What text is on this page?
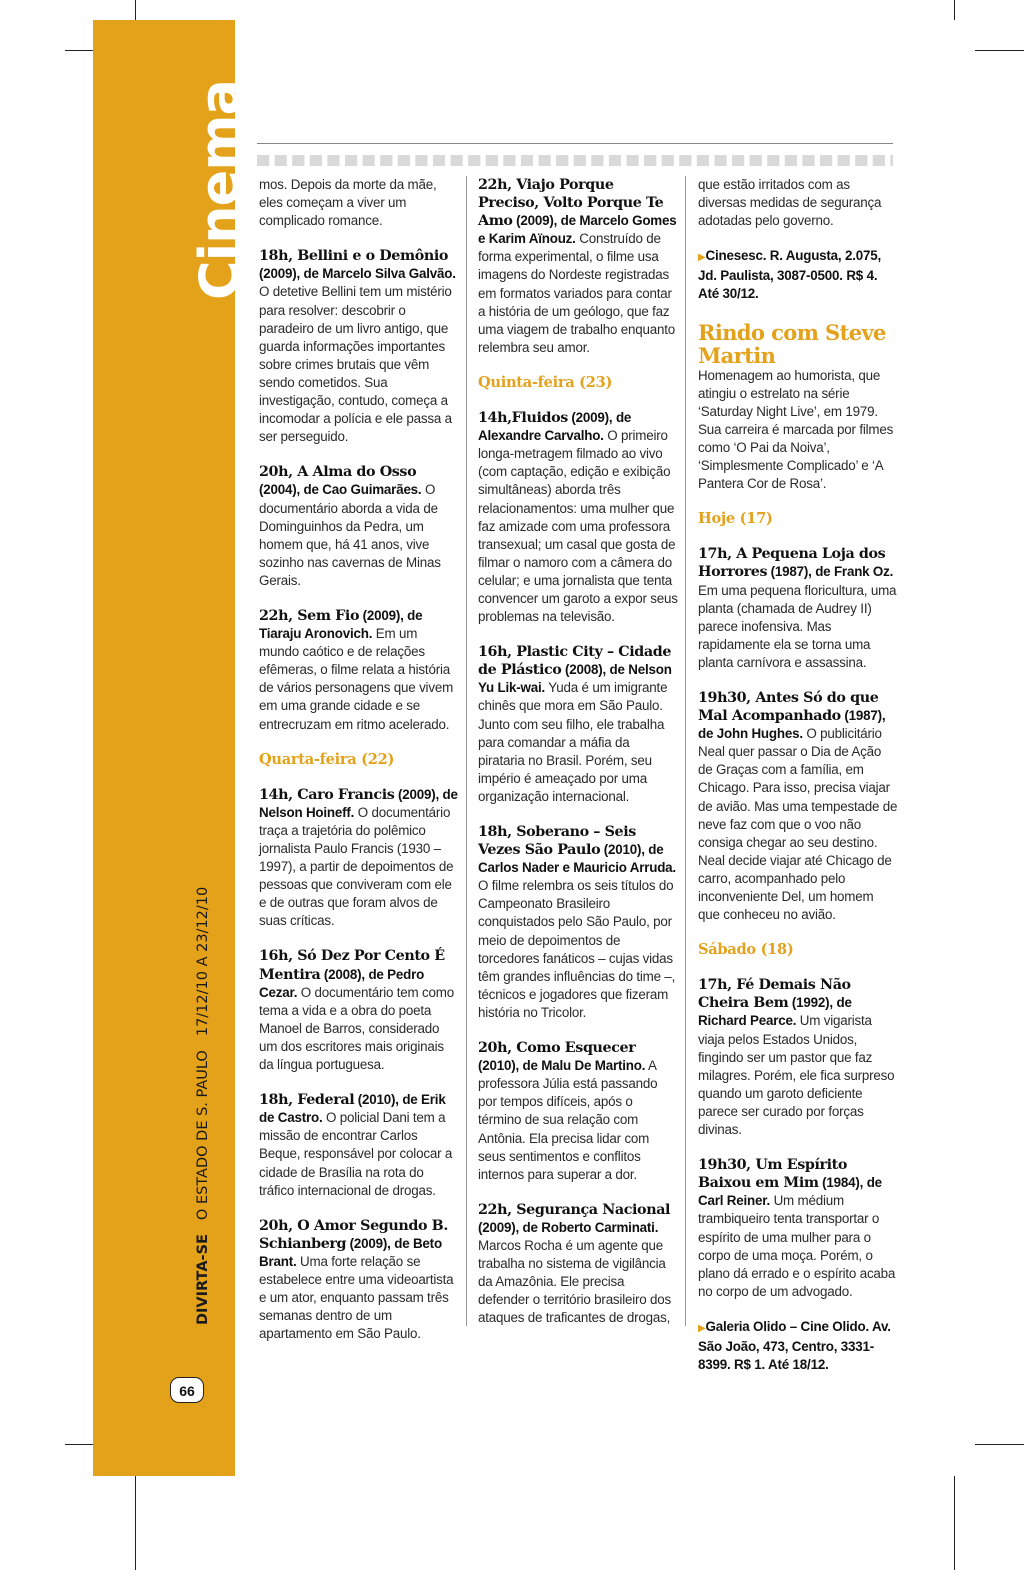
Cinema
DIVIRTA-SEO ESTADO DE S. PAULO17/12/10 A 23/12/10
66

mos. Depois da morte da mãe, eles começam a viver um complicado romance.

18h, Bellini e o Demônio (2009), de Marcelo Silva Galvão. O detetive Bellini tem um mistério para resolver: descobrir o paradeiro de um livro antigo, que guarda informações importantes sobre crimes brutais que vêm sendo cometidos. Sua investigação, contudo, começa a incomodar a polícia e ele passa a ser perseguido.

20h, A Alma do Osso (2004), de Cao Guimarães. O documentário aborda a vida de Dominguinhos da Pedra, um homem que, há 41 anos, vive sozinho nas cavernas de Minas Gerais.

22h, Sem Fio (2009), de Tiaraju Aronovich. Em um mundo caótico e de relações efêmeras, o filme relata a história de vários personagens que vivem em uma grande cidade e se entrecruzam em ritmo acelerado.

Quarta-feira (22)

14h, Caro Francis (2009), de Nelson Hoineff. O documentário traça a trajetória do polêmico jornalista Paulo Francis (1930 – 1997), a partir de depoimentos de pessoas que conviveram com ele e de outras que foram alvos de suas críticas.

16h, Só Dez Por Cento É Mentira (2008), de Pedro Cezar. O documentário tem como tema a vida e a obra do poeta Manoel de Barros, considerado um dos escritores mais originais da língua portuguesa.

18h, Federal (2010), de Erik de Castro. O policial Dani tem a missão de encontrar Carlos Beque, responsável por colocar a cidade de Brasília na rota do tráfico internacional de drogas.

20h, O Amor Segundo B. Schianberg (2009), de Beto Brant. Uma forte relação se estabelece entre uma videoartista e um ator, enquanto passam três semanas dentro de um apartamento em São Paulo.

22h, Viajo Porque Preciso, Volto Porque Te Amo (2009), de Marcelo Gomes e Karim Aïnouz. Construído de forma experimental, o filme usa imagens do Nordeste registradas em formatos variados para contar a história de um geólogo, que faz uma viagem de trabalho enquanto relembra seu amor.

Quinta-feira (23)

14h,Fluidos (2009), de Alexandre Carvalho. O primeiro longa-metragem filmado ao vivo (com captação, edição e exibição simultâneas) aborda três relacionamentos: uma mulher que faz amizade com uma professora transexual; um casal que gosta de filmar o namoro com a câmera do celular; e uma jornalista que tenta convencer um garoto a expor seus problemas na televisão.

16h, Plastic City – Cidade de Plástico (2008), de Nelson Yu Lik-wai. Yuda é um imigrante chinês que mora em São Paulo. Junto com seu filho, ele trabalha para comandar a máfia da pirataria no Brasil. Porém, seu império é ameaçado por uma organização internacional.

18h, Soberano – Seis Vezes São Paulo (2010), de Carlos Nader e Mauricio Arruda. O filme relembra os seis títulos do Campeonato Brasileiro conquistados pelo São Paulo, por meio de depoimentos de torcedores fanáticos – cujas vidas têm grandes influências do time –, técnicos e jogadores que fizeram história no Tricolor.

20h, Como Esquecer (2010), de Malu De Martino. A professora Júlia está passando por tempos difíceis, após o término de sua relação com Antônia. Ela precisa lidar com seus sentimentos e conflitos internos para superar a dor.

22h, Segurança Nacional (2009), de Roberto Carminati. Marcos Rocha é um agente que trabalha no sistema de vigilância da Amazônia. Ele precisa defender o território brasileiro dos ataques de traficantes de drogas,

que estão irritados com as diversas medidas de segurança adotadas pelo governo.

▶Cinesesc. R. Augusta, 2.075, Jd. Paulista, 3087-0500. R$ 4. Até 30/12.

Rindo com Steve Martin

Homenagem ao humorista, que atingiu o estrelato na série ‘Saturday Night Live’, em 1979. Sua carreira é marcada por filmes como ‘O Pai da Noiva’, ‘Simplesmente Complicado’ e ‘A Pantera Cor de Rosa’.

Hoje (17)

17h, A Pequena Loja dos Horrores (1987), de Frank Oz. Em uma pequena floricultura, uma planta (chamada de Audrey II) parece inofensiva. Mas rapidamente ela se torna uma planta carnívora e assassina.

19h30, Antes Só do que Mal Acompanhado (1987), de John Hughes. O publicitário Neal quer passar o Dia de Ação de Graças com a família, em Chicago. Para isso, precisa viajar de avião. Mas uma tempestade de neve faz com que o voo não consiga chegar ao seu destino. Neal decide viajar até Chicago de carro, acompanhado pelo inconveniente Del, um homem que conheceu no avião.

Sábado (18)

17h, Fé Demais Não Cheira Bem (1992), de Richard Pearce. Um vigarista viaja pelos Estados Unidos, fingindo ser um pastor que faz milagres. Porém, ele fica surpreso quando um garoto deficiente parece ser curado por forças divinas.

19h30, Um Espírito Baixou em Mim (1984), de Carl Reiner. Um médium trambiqueiro tenta transportar o espírito de uma mulher para o corpo de uma moça. Porém, o plano dá errado e o espírito acaba no corpo de um advogado.

▶Galeria Olido – Cine Olido. Av. São João, 473, Centro, 3331-8399. R$ 1. Até 18/12.
